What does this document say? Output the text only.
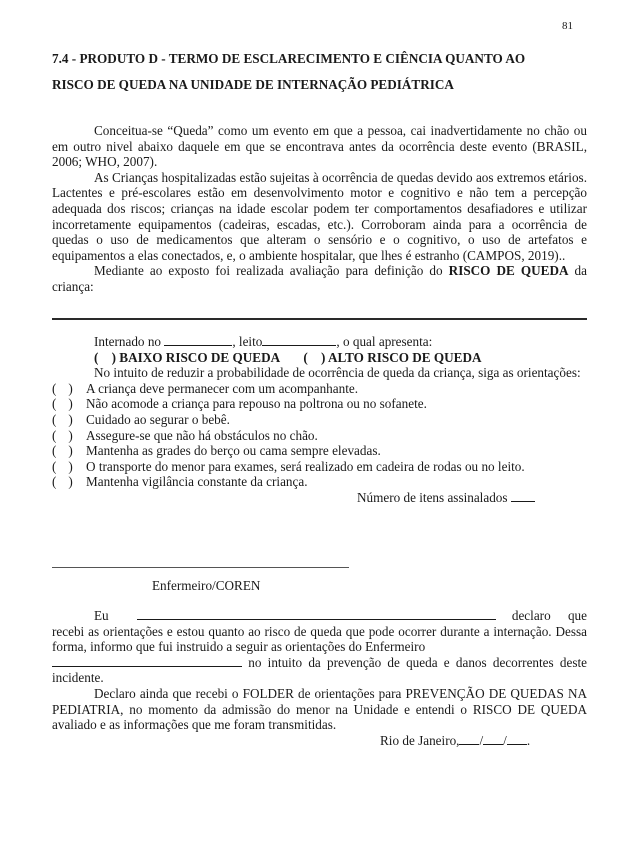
81
7.4 - PRODUTO D - TERMO DE ESCLARECIMENTO E CIÊNCIA QUANTO AO
RISCO DE QUEDA NA UNIDADE DE INTERNAÇÃO PEDIÁTRICA

Conceitua-se “Queda” como um evento em que a pessoa, cai inadvertidamente no chão ou em outro nivel abaixo daquele em que se encontrava antes da ocorrência deste evento (BRASIL, 2006; WHO, 2007).

As Crianças hospitalizadas estão sujeitas à ocorrência de quedas devido aos extremos etários. Lactentes e pré-escolares estão em desenvolvimento motor e cognitivo e não tem a percepção adequada dos riscos; crianças na idade escolar podem ter comportamentos desafiadores e utilizar incorretamente equipamentos (cadeiras, escadas, etc.). Corroboram ainda para a ocorrência de quedas o uso de medicamentos que alteram o sensório e o cognitivo, o uso de artefatos e equipamentos a elas conectados, e, o ambiente hospitalar, que lhes é estranho (CAMPOS, 2019)..

Mediante ao exposto foi realizada avaliação para definição do RISCO DE QUEDA da criança:

Internado no	, leito	, o qual apresenta:

(    ) BAIXO RISCO DE QUEDA (    ) ALTO RISCO DE QUEDA

No intuito de reduzir a probabilidade de ocorrência de queda da criança, siga as orientações:

( ) A criança deve permanecer com um acompanhante.
( ) Não acomode a criança para repouso na poltrona ou no sofanete.
( ) Cuidado ao segurar o bebê.
( ) Assegure-se que não há obstáculos no chão.
( ) Mantenha as grades do berço ou cama sempre elevadas.
( ) O transporte do menor para exames, será realizado em cadeira de rodas ou no leito.
( ) Mantenha vigilância constante da criança.

Número de itens assinalados

Enfermeiro/COREN

Eu	declaro que

recebi as orientações e estou quanto ao risco de queda que pode ocorrer durante a internação. Dessa forma, informo que fui instruido a seguir as orientações do Enfermeiro

no intuito da prevenção de queda e danos decorrentes deste incidente.

Declaro ainda que recebi o FOLDER de orientações para PREVENÇÃO DE QUEDAS NA PEDIATRIA, no momento da admissão do menor na Unidade e entendi o RISCO DE QUEDA avaliado e as informações que me foram transmitidas.

Rio de Janeiro, / / .
